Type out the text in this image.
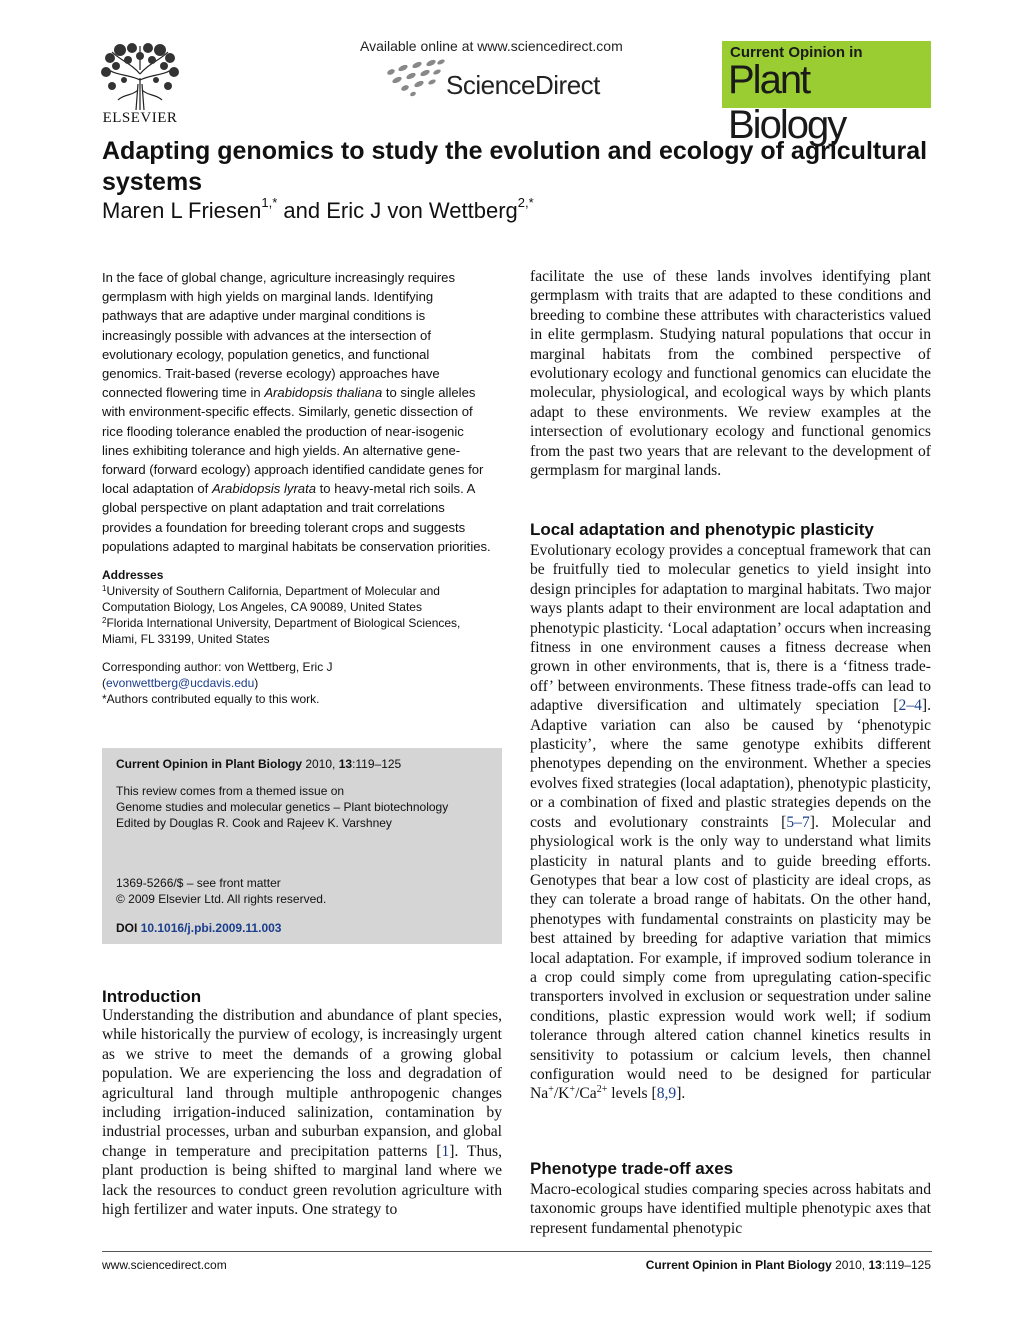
ELSEVIER
Available online at www.sciencedirect.com
ScienceDirect
Current Opinion in
Plant Biology
Adapting genomics to study the evolution and ecology of agricultural systems
Maren L Friesen$^{1,*}$ and Eric J von Wettberg$^{2,*}$

In the face of global change, agriculture increasingly requires germplasm with high yields on marginal lands. Identifying pathways that are adaptive under marginal conditions is increasingly possible with advances at the intersection of evolutionary ecology, population genetics, and functional genomics. Trait-based (reverse ecology) approaches have connected flowering time in Arabidopsis thaliana to single alleles with environment-specific effects. Similarly, genetic dissection of rice flooding tolerance enabled the production of near-isogenic lines exhibiting tolerance and high yields. An alternative gene-forward (forward ecology) approach identified candidate genes for local adaptation of Arabidopsis lyrata to heavy-metal rich soils. A global perspective on plant adaptation and trait correlations provides a foundation for breeding tolerant crops and suggests populations adapted to marginal habitats be conservation priorities.

Addresses

$^1$University of Southern California, Department of Molecular and Computation Biology, Los Angeles, CA 90089, United States

$^2$Florida International University, Department of Biological Sciences, Miami, FL 33199, United States

Corresponding author: von Wettberg, Eric J

(evonwettberg@ucdavis.edu)

*Authors contributed equally to this work.

Current Opinion in Plant Biology 2010, 13:119–125

This review comes from a themed issue on

Genome studies and molecular genetics – Plant biotechnology

Edited by Douglas R. Cook and Rajeev K. Varshney

1369-5266/$ – see front matter

© 2009 Elsevier Ltd. All rights reserved.

DOI 10.1016/j.pbi.2009.11.003

Introduction

Understanding the distribution and abundance of plant species, while historically the purview of ecology, is increasingly urgent as we strive to meet the demands of a growing global population. We are experiencing the loss and degradation of agricultural land through multiple anthropogenic changes including irrigation-induced salinization, contamination by industrial processes, urban and suburban expansion, and global change in temperature and precipitation patterns [1]. Thus, plant production is being shifted to marginal land where we lack the resources to conduct green revolution agriculture with high fertilizer and water inputs. One strategy to

facilitate the use of these lands involves identifying plant germplasm with traits that are adapted to these conditions and breeding to combine these attributes with characteristics valued in elite germplasm. Studying natural populations that occur in marginal habitats from the combined perspective of evolutionary ecology and functional genomics can elucidate the molecular, physiological, and ecological ways by which plants adapt to these environments. We review examples at the intersection of evolutionary ecology and functional genomics from the past two years that are relevant to the development of germplasm for marginal lands.

Local adaptation and phenotypic plasticity

Evolutionary ecology provides a conceptual framework that can be fruitfully tied to molecular genetics to yield insight into design principles for adaptation to marginal habitats. Two major ways plants adapt to their environment are local adaptation and phenotypic plasticity. ‘Local adaptation’ occurs when increasing fitness in one environment causes a fitness decrease when grown in other environments, that is, there is a ‘fitness trade-off’ between environments. These fitness trade-offs can lead to adaptive diversification and ultimately speciation [2–4]. Adaptive variation can also be caused by ‘phenotypic plasticity’, where the same genotype exhibits different phenotypes depending on the environment. Whether a species evolves fixed strategies (local adaptation), phenotypic plasticity, or a combination of fixed and plastic strategies depends on the costs and evolutionary constraints [5–7]. Molecular and physiological work is the only way to understand what limits plasticity in natural plants and to guide breeding efforts. Genotypes that bear a low cost of plasticity are ideal crops, as they can tolerate a broad range of habitats. On the other hand, phenotypes with fundamental constraints on plasticity may be best attained by breeding for adaptive variation that mimics local adaptation. For example, if improved sodium tolerance in a crop could simply come from upregulating cation-specific transporters involved in exclusion or sequestration under saline conditions, plastic expression would work well; if sodium tolerance through altered cation channel kinetics results in sensitivity to potassium or calcium levels, then channel configuration would need to be designed for particular $Na^+/K^+/Ca^{2+}$ levels [8,9].

Phenotype trade-off axes

Macro-ecological studies comparing species across habitats and taxonomic groups have identified multiple phenotypic axes that represent fundamental phenotypic

www.sciencedirect.com	Current Opinion in Plant Biology 2010, 13:119–125
